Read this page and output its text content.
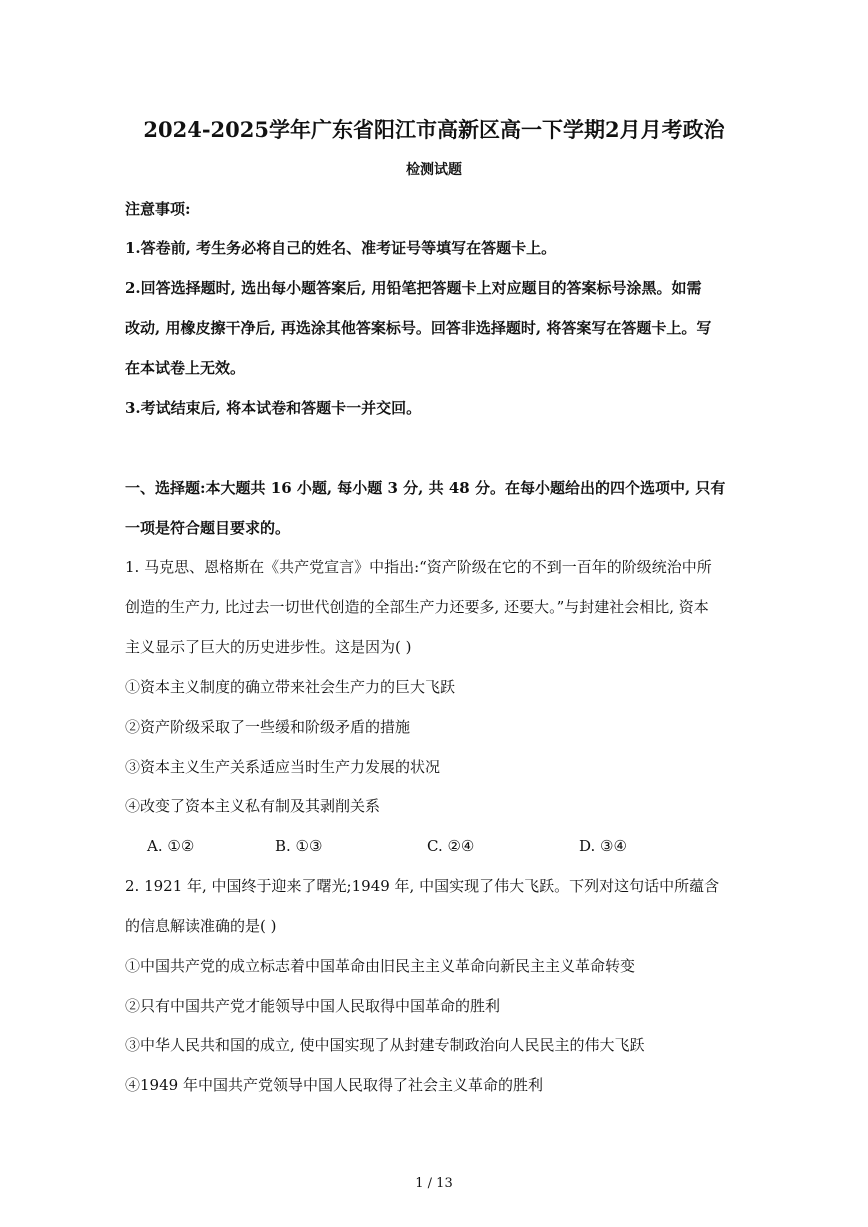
2024-2025学年广东省阳江市高新区高一下学期2月月考政治
检测试题
注意事项:
1.答卷前, 考生务必将自己的姓名、准考证号等填写在答题卡上。
2.回答选择题时, 选出每小题答案后, 用铅笔把答题卡上对应题目的答案标号涂黑。如需
改动, 用橡皮擦干净后, 再选涂其他答案标号。回答非选择题时, 将答案写在答题卡上。写
在本试卷上无效。
3.考试结束后, 将本试卷和答题卡一并交回。
一、选择题:本大题共 16 小题, 每小题 3 分, 共 48 分。在每小题给出的四个选项中, 只有
一项是符合题目要求的。
1. 马克思、恩格斯在《共产党宣言》中指出:“资产阶级在它的不到一百年的阶级统治中所
创造的生产力, 比过去一切世代创造的全部生产力还要多, 还要大。”与封建社会相比, 资本
主义显示了巨大的历史进步性。这是因为( )
①资本主义制度的确立带来社会生产力的巨大飞跃
②资产阶级采取了一些缓和阶级矛盾的措施
③资本主义生产关系适应当时生产力发展的状况
④改变了资本主义私有制及其剥削关系
A. ①②	B. ①③	C. ②④	D. ③④
2. 1921 年, 中国终于迎来了曙光;1949 年, 中国实现了伟大飞跃。下列对这句话中所蕴含
的信息解读准确的是( )
①中国共产党的成立标志着中国革命由旧民主主义革命向新民主主义革命转变
②只有中国共产党才能领导中国人民取得中国革命的胜利
③中华人民共和国的成立, 使中国实现了从封建专制政治向人民民主的伟大飞跃
④1949 年中国共产党领导中国人民取得了社会主义革命的胜利
1 / 13
